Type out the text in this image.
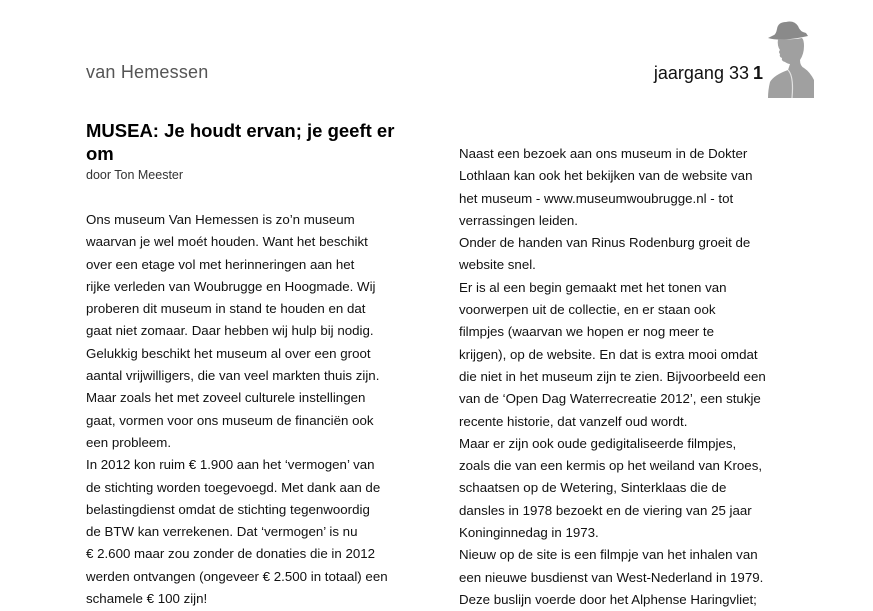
van Hemessen	jaargang 33 1
MUSEA: Je houdt ervan; je geeft er om
door Ton Meester
Ons museum Van Hemessen is zo’n museum
waarvan je wel moét houden. Want het beschikt
over een etage vol met herinneringen aan het
rijke verleden van Woubrugge en Hoogmade. Wij
proberen dit museum in stand te houden en dat
gaat niet zomaar. Daar hebben wij hulp bij nodig.
Gelukkig beschikt het museum al over een groot
aantal vrijwilligers, die van veel markten thuis zijn.
Maar zoals het met zoveel culturele instellingen
gaat, vormen voor ons museum de financiën ook
een probleem.
In 2012 kon ruim € 1.900 aan het ‘vermogen’ van
de stichting worden toegevoegd. Met dank aan de
belastingdienst omdat de stichting tegenwoordig
de BTW kan verrekenen. Dat ‘vermogen’ is nu
€ 2.600 maar zou zonder de donaties die in 2012
werden ontvangen (ongeveer € 2.500 in totaal) een
schamele € 100 zijn!
Naast een bezoek aan ons museum in de Dokter
Lothlaan kan ook het bekijken van de website van
het museum - www.museumwoubrugge.nl - tot
verrassingen leiden.
Onder de handen van Rinus Rodenburg groeit de
website snel.
Er is al een begin gemaakt met het tonen van
voorwerpen uit de collectie, en er staan ook
filmpjes (waarvan we hopen er nog meer te
krijgen), op de website. En dat is extra mooi omdat
die niet in het museum zijn te zien. Bijvoorbeeld een
van de ‘Open Dag Waterrecreatie 2012’, een stukje
recente historie, dat vanzelf oud wordt.
Maar er zijn ook oude gedigitaliseerde filmpjes,
zoals die van een kermis op het weiland van Kroes,
schaatsen op de Wetering, Sinterklaas die de
dansles in 1978 bezoekt en de viering van 25 jaar
Koninginnedag in 1973.
Nieuw op de site is een filmpje van het inhalen van
een nieuwe busdienst van West-Nederland in 1979.
Deze buslijn voerde door het Alphense Haringvliet;
